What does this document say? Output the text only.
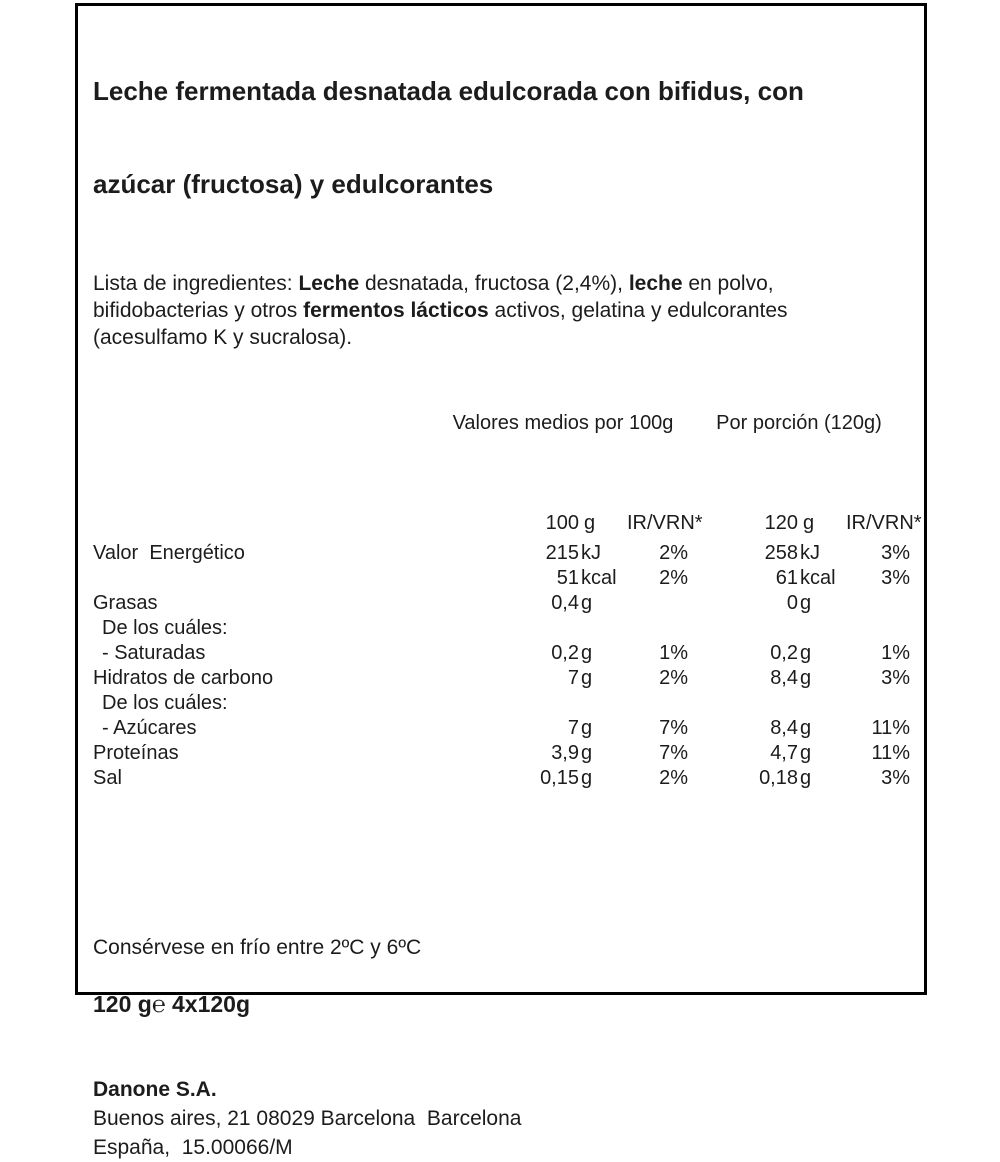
Leche fermentada desnatada edulcorada con bifidus, con

azúcar (fructosa) y edulcorantes

Lista de ingredientes: Leche desnatada, fructosa (2,4%), leche en polvo,
bifidobacterias y otros fermentos lácticos activos, gelatina y edulcorantes
(acesulfamo K y sucralosa).
Valores medios por 100g	Por porción (120g)
100 g	IR/VRN*	120 g	IR/VRN*
Valor  Energético	215 kJ	2%	258 kJ	3%
51 kcal	2%	61 kcal	3%
Grasas	0,4 g	0 g
De los cuáles:
- Saturadas	0,2 g	1%	0,2 g	1%
Hidratos de carbono	7 g	2%	8,4 g	3%
De los cuáles:
- Azúcares	7 g	7%	8,4 g	11%
Proteínas	3,9 g	7%	4,7 g	11%
Sal	0,15 g	2%	0,18 g	3%
Consérvese en frío entre 2ºC y 6ºC
120 g℮ 4x120g
Danone S.A.
Buenos aires, 21 08029 Barcelona  Barcelona
España,  15.00066/M
